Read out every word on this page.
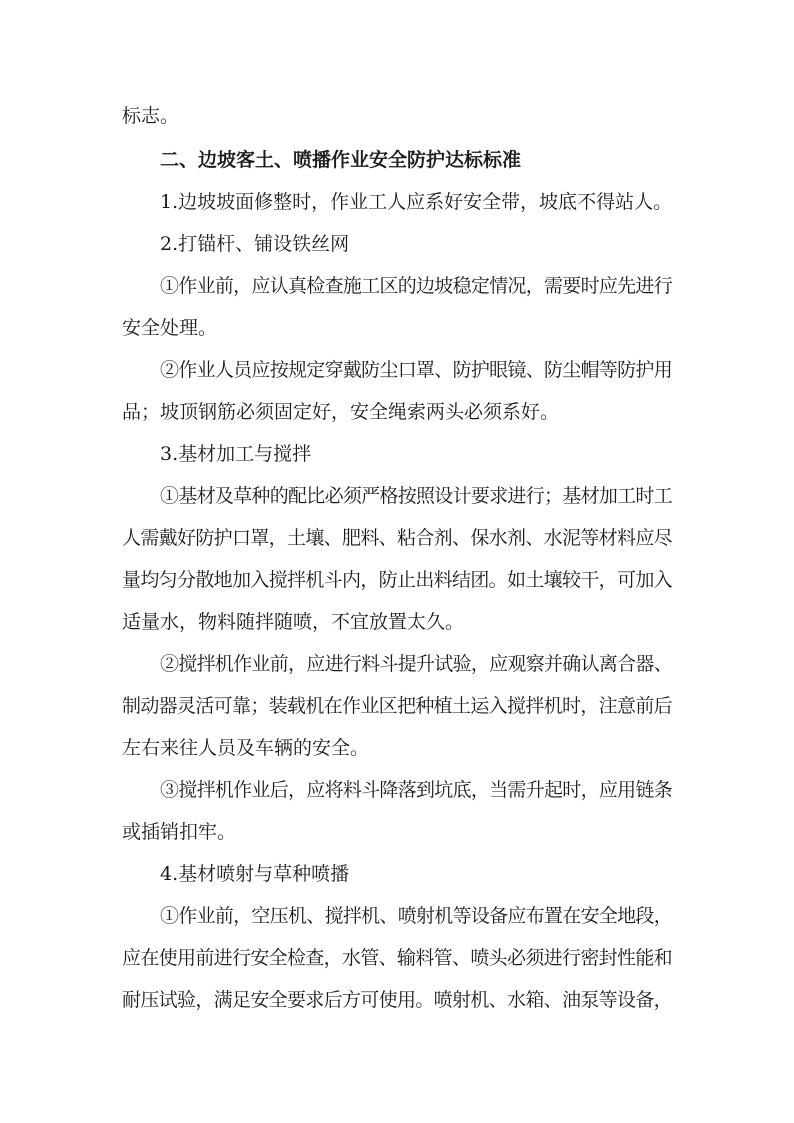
标志。
二、边坡客土、喷播作业安全防护达标标准
1.边坡坡面修整时，作业工人应系好安全带，坡底不得站人。
2.打锚杆、铺设铁丝网
①作业前，应认真检查施工区的边坡稳定情况，需要时应先进行
安全处理。
②作业人员应按规定穿戴防尘口罩、防护眼镜、防尘帽等防护用
品；坡顶钢筋必须固定好，安全绳索两头必须系好。
3.基材加工与搅拌
①基材及草种的配比必须严格按照设计要求进行；基材加工时工
人需戴好防护口罩，土壤、肥料、粘合剂、保水剂、水泥等材料应尽
量均匀分散地加入搅拌机斗内，防止出料结团。如土壤较干，可加入
适量水，物料随拌随喷，不宜放置太久。
②搅拌机作业前，应进行料斗提升试验，应观察并确认离合器、
制动器灵活可靠；装载机在作业区把种植土运入搅拌机时，注意前后
左右来往人员及车辆的安全。
③搅拌机作业后，应将料斗降落到坑底，当需升起时，应用链条
或插销扣牢。
4.基材喷射与草种喷播
①作业前，空压机、搅拌机、喷射机等设备应布置在安全地段，
应在使用前进行安全检查，水管、输料管、喷头必须进行密封性能和
耐压试验，满足安全要求后方可使用。喷射机、水箱、油泵等设备，
